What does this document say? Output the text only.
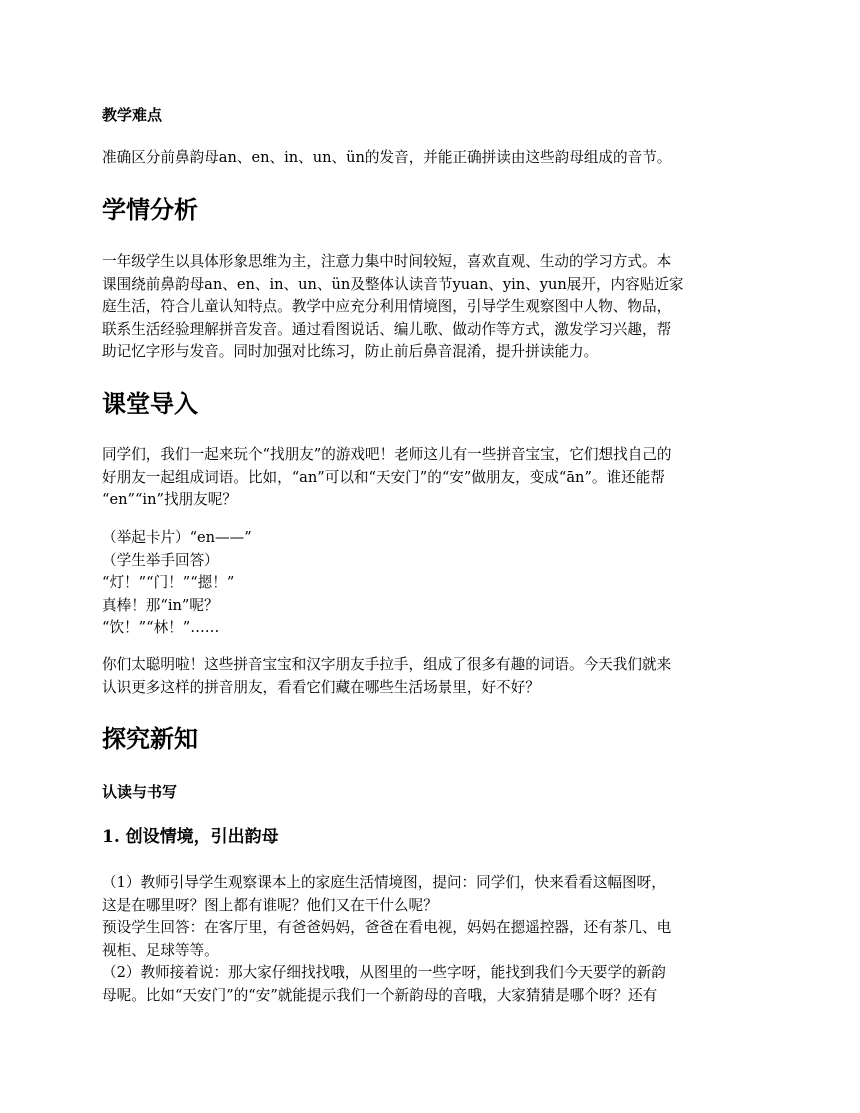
教学难点
准确区分前鼻韵母an、en、in、un、ün的发音，并能正确拼读由这些韵母组成的音节。
学情分析
一年级学生以具体形象思维为主，注意力集中时间较短，喜欢直观、生动的学习方式。本
课围绕前鼻韵母an、en、in、un、ün及整体认读音节yuan、yin、yun展开，内容贴近家
庭生活，符合儿童认知特点。教学中应充分利用情境图，引导学生观察图中人物、物品，
联系生活经验理解拼音发音。通过看图说话、编儿歌、做动作等方式，激发学习兴趣，帮
助记忆字形与发音。同时加强对比练习，防止前后鼻音混淆，提升拼读能力。
课堂导入
同学们，我们一起来玩个“找朋友”的游戏吧！老师这儿有一些拼音宝宝，它们想找自己的
好朋友一起组成词语。比如，“an”可以和“天安门”的“安”做朋友，变成“ān”。谁还能帮
“en”“in”找朋友呢？
（举起卡片）“en——”
（学生举手回答）
“灯！”“门！”“摁！”
真棒！那“in”呢？
“饮！”“林！”……
你们太聪明啦！这些拼音宝宝和汉字朋友手拉手，组成了很多有趣的词语。今天我们就来
认识更多这样的拼音朋友，看看它们藏在哪些生活场景里，好不好？
探究新知
认读与书写
1. 创设情境，引出韵母
（1）教师引导学生观察课本上的家庭生活情境图，提问：同学们，快来看看这幅图呀，
这是在哪里呀？图上都有谁呢？他们又在干什么呢？
预设学生回答：在客厅里，有爸爸妈妈，爸爸在看电视，妈妈在摁遥控器，还有茶几、电
视柜、足球等等。
（2）教师接着说：那大家仔细找找哦，从图里的一些字呀，能找到我们今天要学的新韵
母呢。比如“天安门”的“安”就能提示我们一个新韵母的音哦，大家猜猜是哪个呀？还有
